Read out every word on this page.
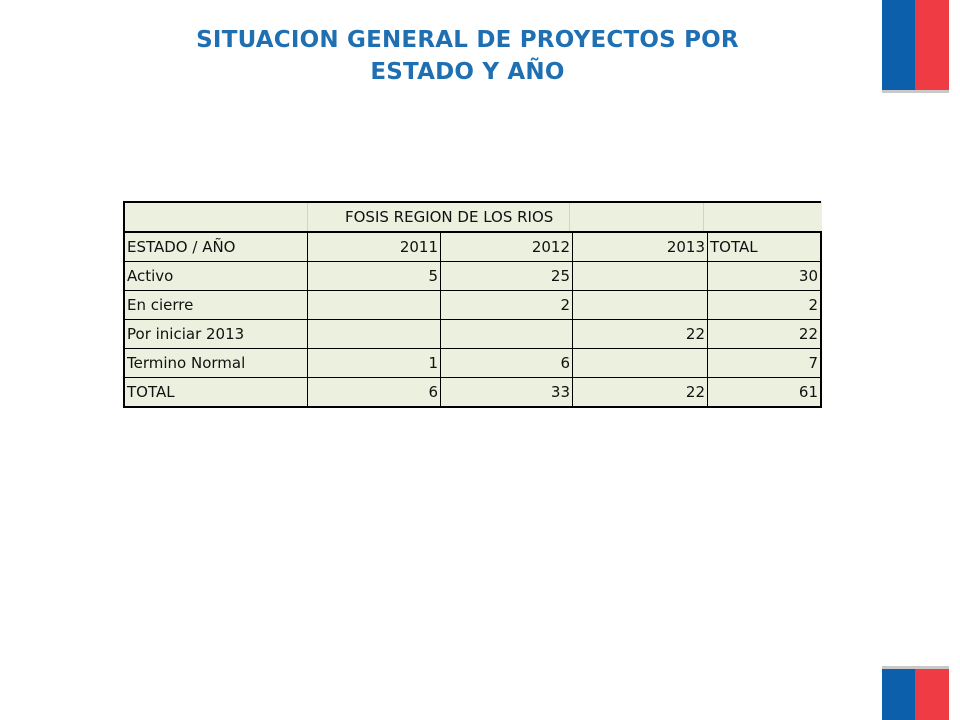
SITUACION GENERAL DE PROYECTOS POR
ESTADO Y AÑO
FOSIS REGION DE LOS RIOS				

ESTADO / AÑO	2011	2012	2013	TOTAL
Activo	5	25		30
En cierre		2		2
Por iniciar 2013			22	22
Termino Normal	1	6		7
TOTAL	6	33	22	61
